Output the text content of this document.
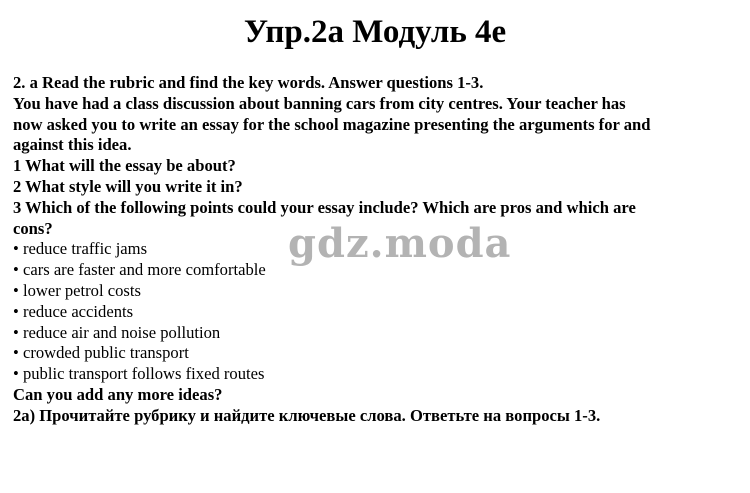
Упр.2а Модуль 4е
2. a Read the rubric and find the key words. Answer questions 1-3.
You have had a class discussion about banning cars from city centres. Your teacher has
now asked you to write an essay for the school magazine presenting the arguments for and
against this idea.
1 What will the essay be about?
2 What style will you write it in?
3 Which of the following points could your essay include? Which are pros and which are
cons?
• reduce traffic jams
• cars are faster and more comfortable
• lower petrol costs
• reduce accidents
• reduce air and noise pollution
• crowded public transport
• public transport follows fixed routes
Can you add any more ideas?
2а) Прочитайте рубрику и найдите ключевые слова. Ответьте на вопросы 1-3.
gdz.moda
